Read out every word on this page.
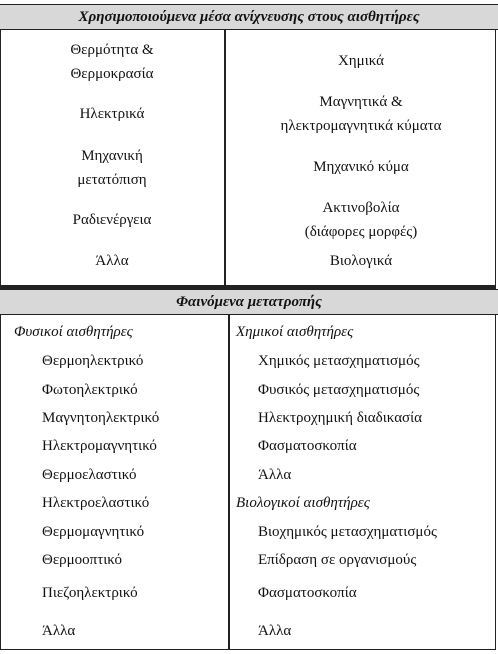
Χρησιμοποιούμενα μέσα ανίχνευσης στους αισθητήρες
Θερμότητα &
Θερμοκρασία
Ηλεκτρικά
Μηχανική
μετατόπιση
Ραδιενέργεια
Άλλα
Χημικά
Μαγνητικά &
ηλεκτρομαγνητικά κύματα
Μηχανικό κύμα
Ακτινοβολία
(διάφορες μορφές)
Βιολογικά
Φαινόμενα μετατροπής
Φυσικοί αισθητήρες
Θερμοηλεκτρικό
Φωτοηλεκτρικό
Μαγνητοηλεκτρικό
Ηλεκτρομαγνητικό
Θερμοελαστικό
Ηλεκτροελαστικό
Θερμομαγνητικό
Θερμοοπτικό
Πιεζοηλεκτρικό
Άλλα
Χημικοί αισθητήρες
Χημικός μετασχηματισμός
Φυσικός μετασχηματισμός
Ηλεκτροχημική διαδικασία
Φασματοσκοπία
Άλλα
Βιολογικοί αισθητήρες
Βιοχημικός μετασχηματισμός
Επίδραση σε οργανισμούς
Φασματοσκοπία
Άλλα
